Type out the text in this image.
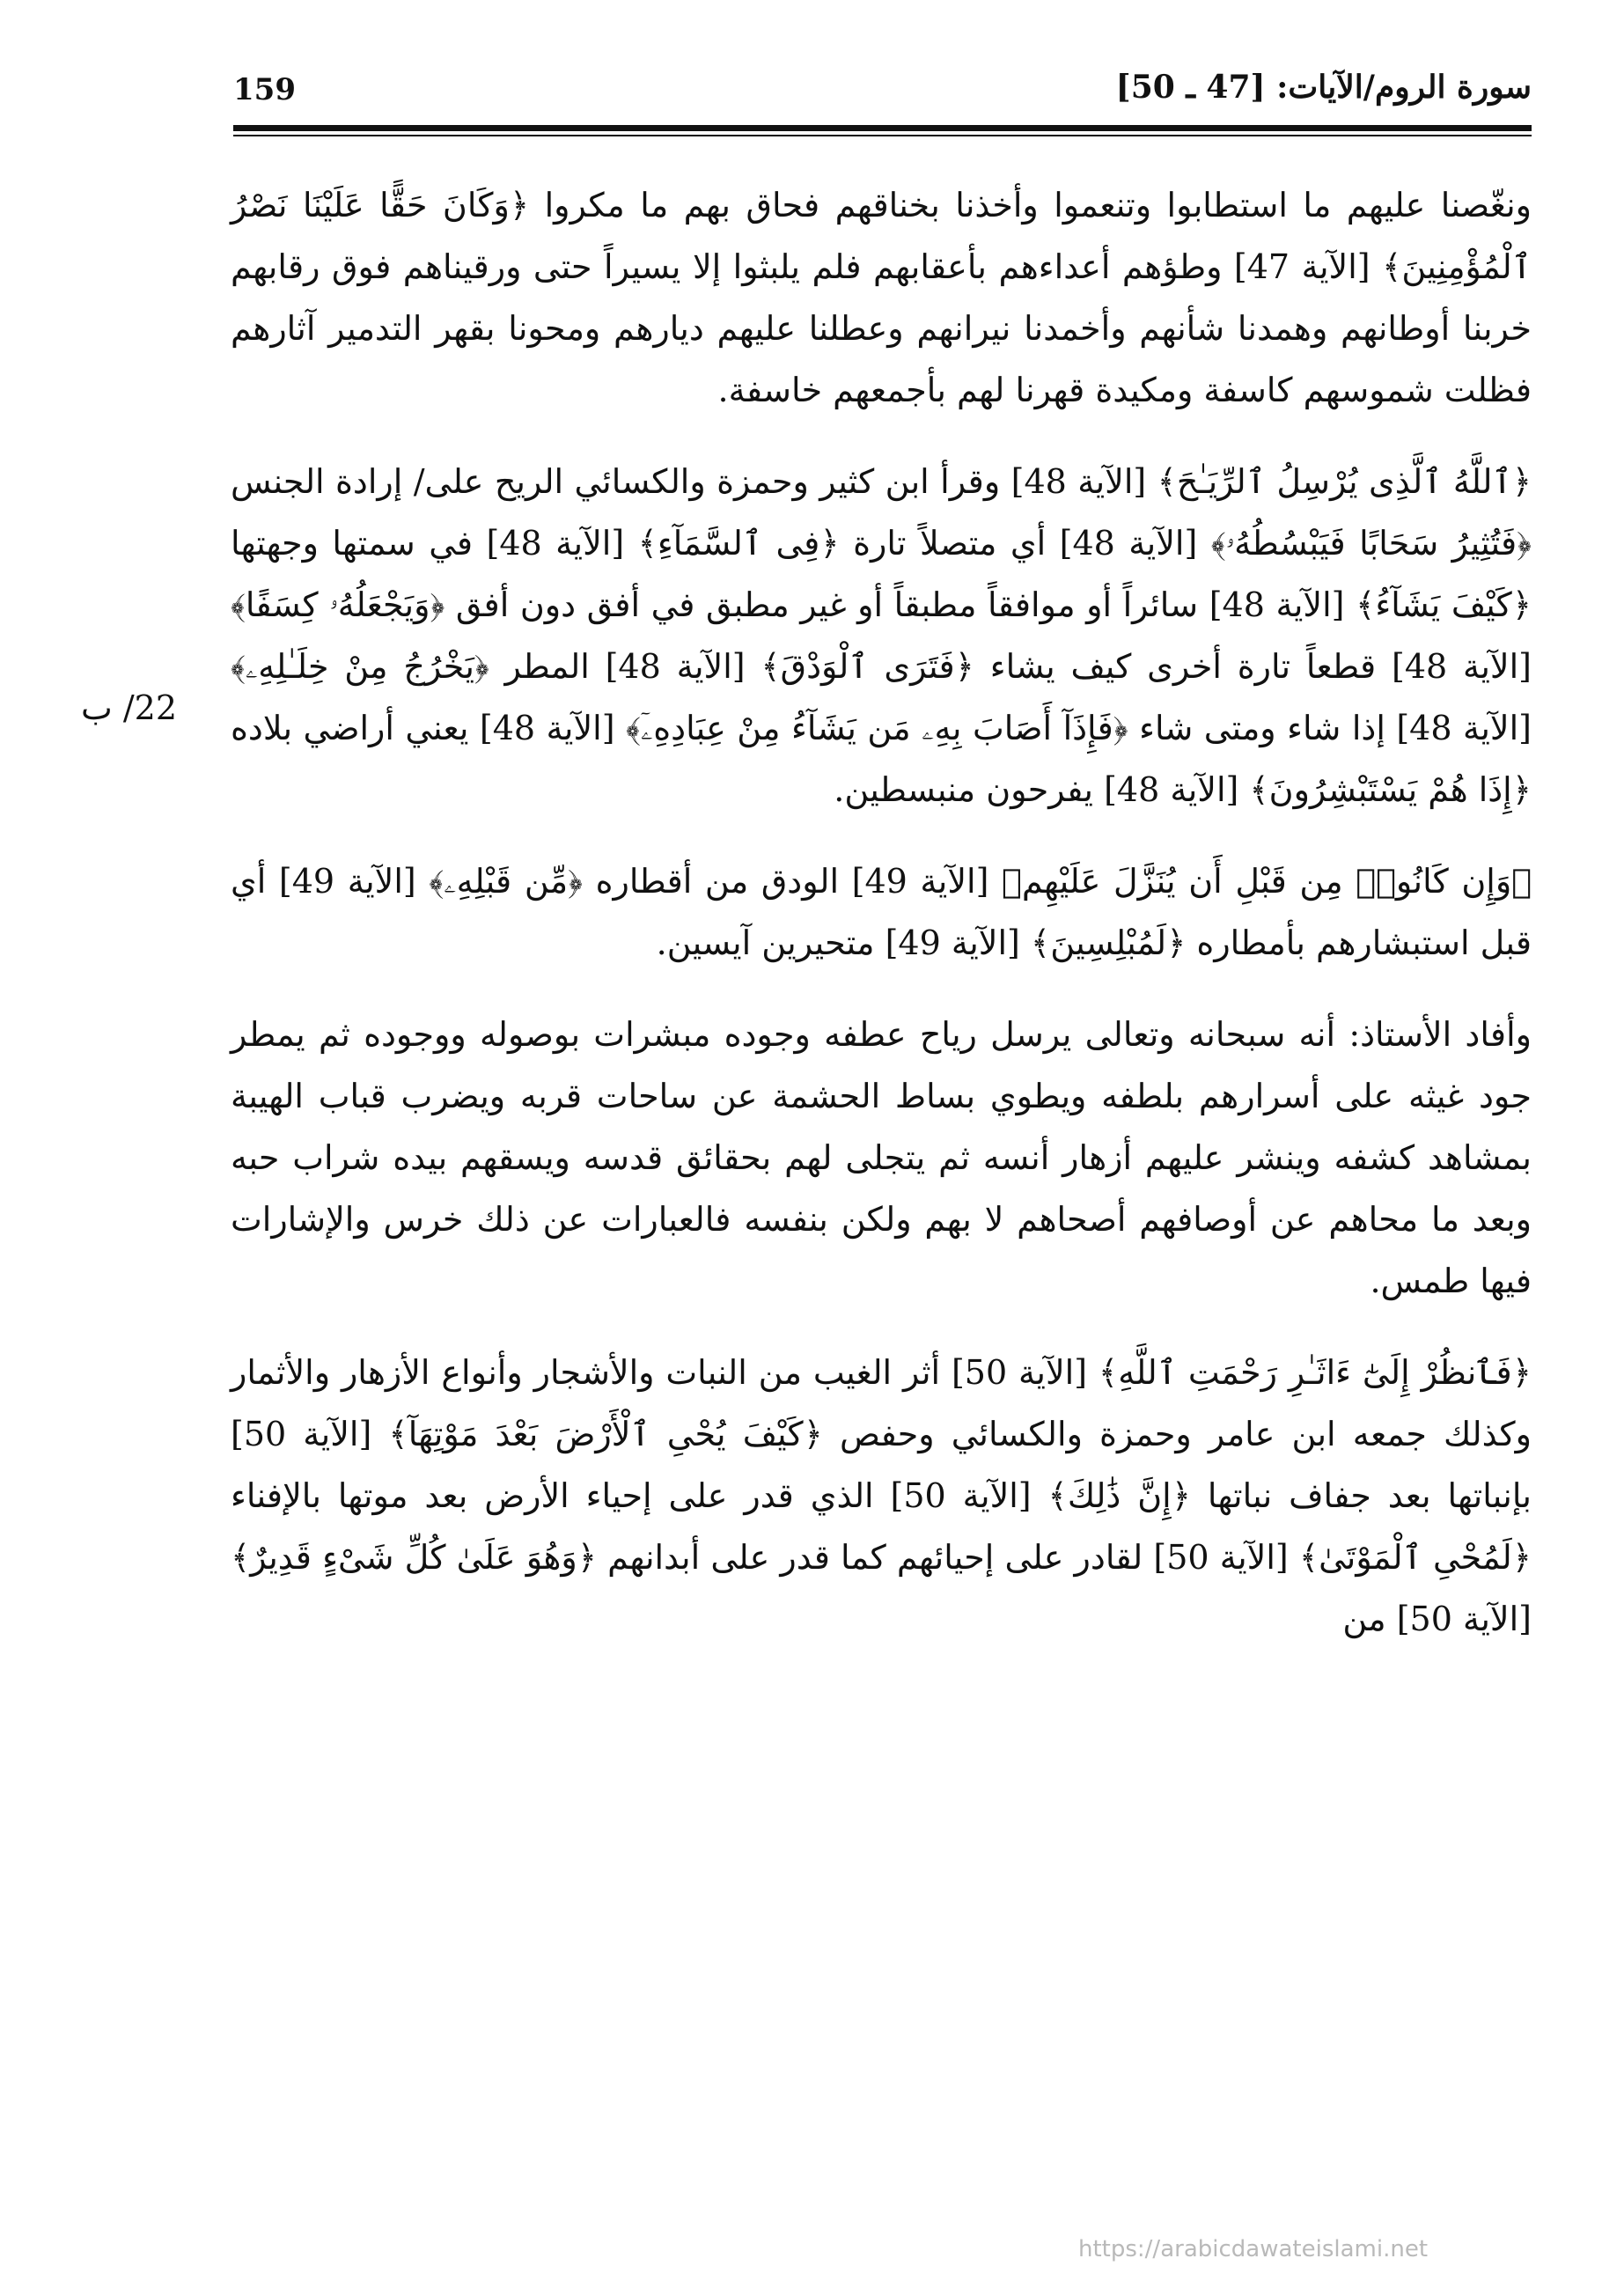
159	سورة الروم/الآيات: [47 ـ 50]
22/ ب

ونغّصنا عليهم ما استطابوا وتنعموا وأخذنا بخناقهم فحاق بهم ما مكروا ﴿وَكَانَ حَقًّا عَلَيْنَا نَصْرُ ٱلْمُؤْمِنِينَ﴾ [الآية 47] وطؤهم أعداءهم بأعقابهم فلم يلبثوا إلا يسيراً حتى ورقيناهم فوق رقابهم خربنا أوطانهم وهمدنا شأنهم وأخمدنا نيرانهم وعطلنا عليهم ديارهم ومحونا بقهر التدمير آثارهم فظلت شموسهم كاسفة ومكيدة قهرنا لهم بأجمعهم خاسفة.

﴿ٱللَّهُ ٱلَّذِى يُرْسِلُ ٱلرِّيَـٰحَ﴾ [الآية 48] وقرأ ابن كثير وحمزة والكسائي الريح على/ إرادة الجنس ﴿فَتُثِيرُ سَحَابًا فَيَبْسُطُهُۥ﴾ [الآية 48] أي متصلاً تارة ﴿فِى ٱلسَّمَآءِ﴾ [الآية 48] في سمتها وجهتها ﴿كَيْفَ يَشَآءُ﴾ [الآية 48] سائراً أو موافقاً مطبقاً أو غير مطبق في أفق دون أفق ﴿وَيَجْعَلُهُۥ كِسَفًا﴾ [الآية 48] قطعاً تارة أخرى كيف يشاء ﴿فَتَرَى ٱلْوَدْقَ﴾ [الآية 48] المطر ﴿يَخْرُجُ مِنْ خِلَـٰلِهِۦ﴾ [الآية 48] إذا شاء ومتى شاء ﴿فَإِذَآ أَصَابَ بِهِۦ مَن يَشَآءُ مِنْ عِبَادِهِۦٓ﴾ [الآية 48] يعني أراضي بلاده ﴿إِذَا هُمْ يَسْتَبْشِرُونَ﴾ [الآية 48] يفرحون منبسطين.

﴿وَإِن كَانُوا۟ مِن قَبْلِ أَن يُنَزَّلَ عَلَيْهِم﴾ [الآية 49] الودق من أقطاره ﴿مِّن قَبْلِهِۦ﴾ [الآية 49] أي قبل استبشارهم بأمطاره ﴿لَمُبْلِسِينَ﴾ [الآية 49] متحيرين آيسين.

وأفاد الأستاذ: أنه سبحانه وتعالى يرسل رياح عطفه وجوده مبشرات بوصوله ووجوده ثم يمطر جود غيثه على أسرارهم بلطفه ويطوي بساط الحشمة عن ساحات قربه ويضرب قباب الهيبة بمشاهد كشفه وينشر عليهم أزهار أنسه ثم يتجلى لهم بحقائق قدسه ويسقهم بيده شراب حبه وبعد ما محاهم عن أوصافهم أصحاهم لا بهم ولكن بنفسه فالعبارات عن ذلك خرس والإشارات فيها طمس.

﴿فَٱنظُرْ إِلَىٰٓ ءَاثَـٰرِ رَحْمَتِ ٱللَّهِ﴾ [الآية 50] أثر الغيب من النبات والأشجار وأنواع الأزهار والأثمار وكذلك جمعه ابن عامر وحمزة والكسائي وحفص ﴿كَيْفَ يُحْىِ ٱلْأَرْضَ بَعْدَ مَوْتِهَآ﴾ [الآية 50] بإنباتها بعد جفاف نباتها ﴿إِنَّ ذَٰلِكَ﴾ [الآية 50] الذي قدر على إحياء الأرض بعد موتها بالإفناء ﴿لَمُحْىِ ٱلْمَوْتَىٰ﴾ [الآية 50] لقادر على إحيائهم كما قدر على أبدانهم ﴿وَهُوَ عَلَىٰ كُلِّ شَىْءٍ قَدِيرٌ﴾ [الآية 50] من

https://arabicdawateislami.net
